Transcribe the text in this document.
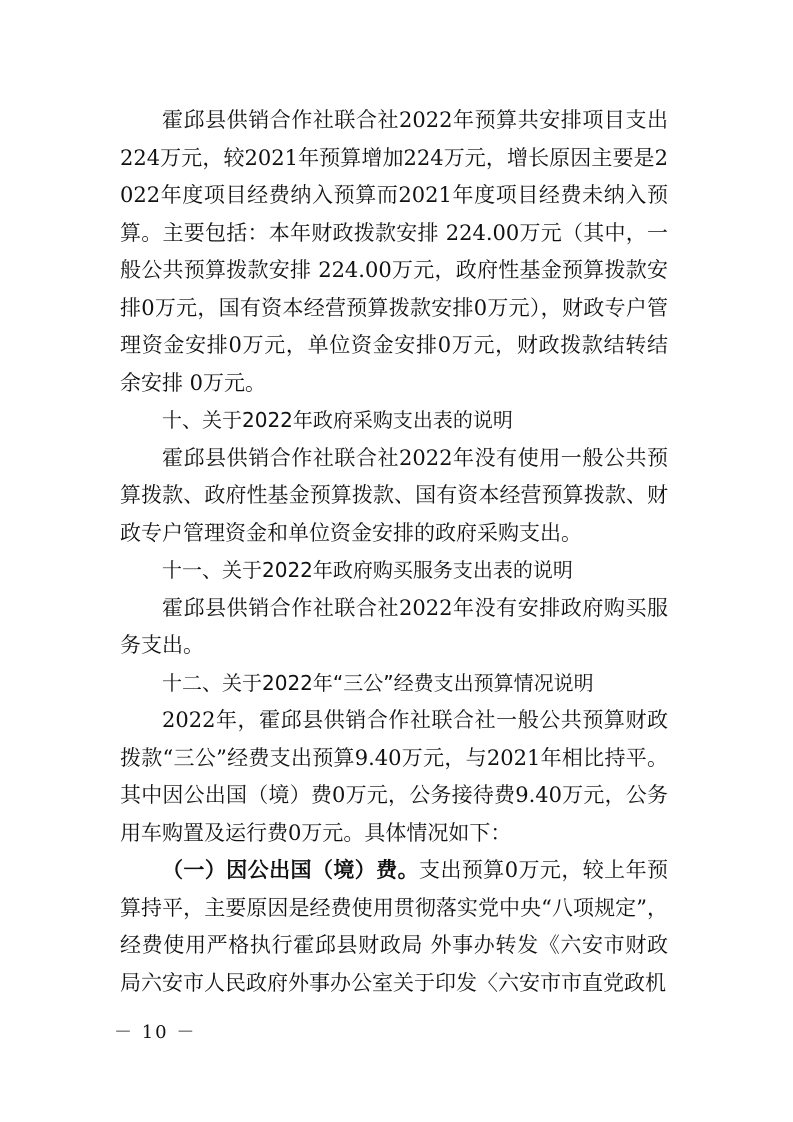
霍邱县供销合作社联合社2022年预算共安排项目支出224万元，较2021年预算增加224万元，增长原因主要是2022年度项目经费纳入预算而2021年度项目经费未纳入预算。主要包括：本年财政拨款安排 224.00万元（其中，一般公共预算拨款安排 224.00万元，政府性基金预算拨款安排0万元，国有资本经营预算拨款安排0万元），财政专户管理资金安排0万元，单位资金安排0万元，财政拨款结转结余安排 0万元。

十、关于2022年政府采购支出表的说明

霍邱县供销合作社联合社2022年没有使用一般公共预算拨款、政府性基金预算拨款、国有资本经营预算拨款、财政专户管理资金和单位资金安排的政府采购支出。

十一、关于2022年政府购买服务支出表的说明

霍邱县供销合作社联合社2022年没有安排政府购买服务支出。

十二、关于2022年“三公”经费支出预算情况说明

2022年，霍邱县供销合作社联合社一般公共预算财政拨款“三公”经费支出预算9.40万元，与2021年相比持平。其中因公出国（境）费0万元，公务接待费9.40万元，公务用车购置及运行费0万元。具体情况如下：

（一）因公出国（境）费。支出预算0万元，较上年预算持平，主要原因是经费使用贯彻落实党中央“八项规定”，经费使用严格执行霍邱县财政局 外事办转发《六安市财政局六安市人民政府外事办公室关于印发〈六安市市直党政机

－ 10 －
